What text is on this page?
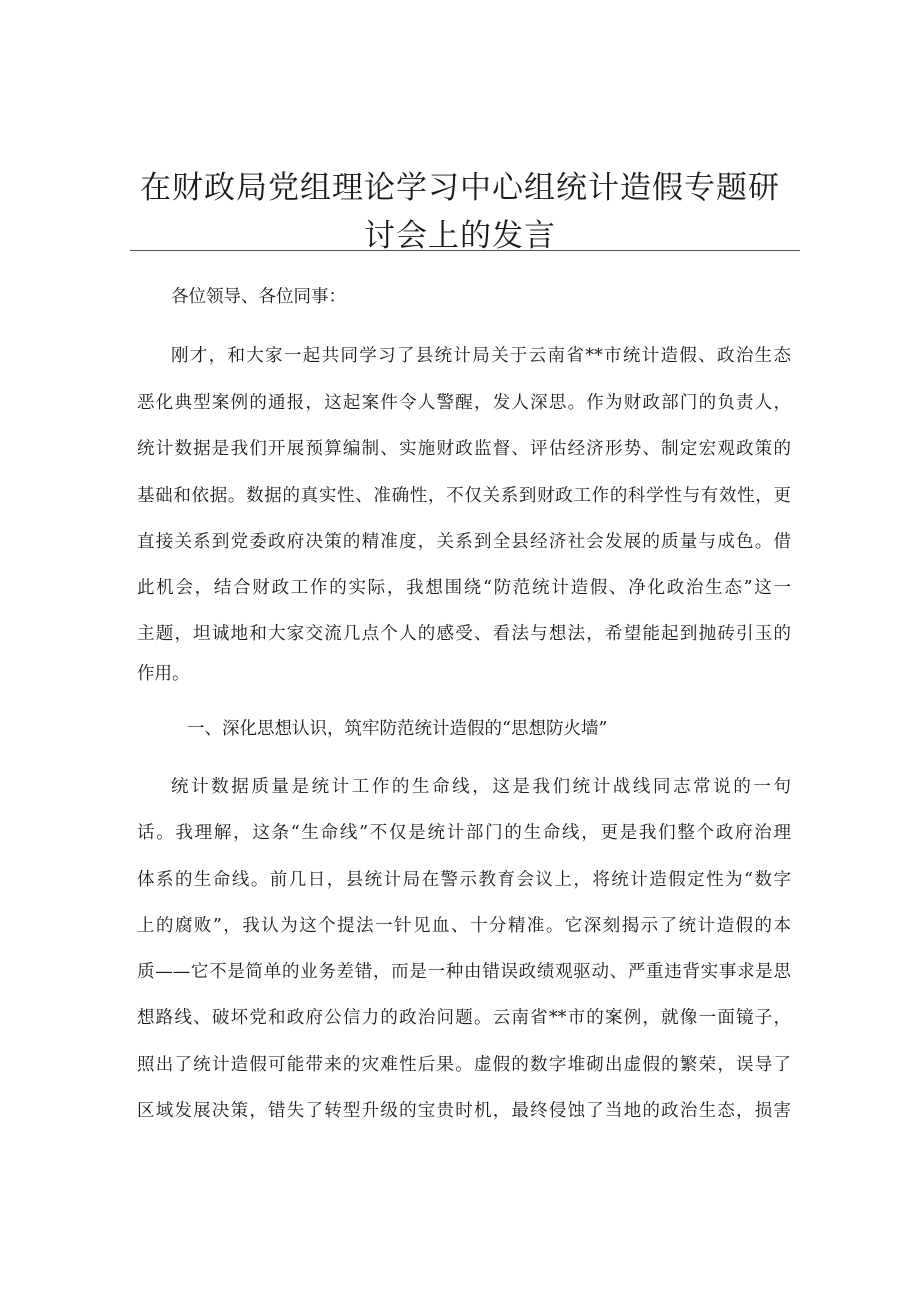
在财政局党组理论学习中心组统计造假专题研
讨会上的发言
各位领导、各位同事：
刚才，和大家一起共同学习了县统计局关于云南省**市统计造假、政治生态
恶化典型案例的通报，这起案件令人警醒，发人深思。作为财政部门的负责人，
统计数据是我们开展预算编制、实施财政监督、评估经济形势、制定宏观政策的
基础和依据。数据的真实性、准确性，不仅关系到财政工作的科学性与有效性，更
直接关系到党委政府决策的精准度，关系到全县经济社会发展的质量与成色。借
此机会，结合财政工作的实际，我想围绕“防范统计造假、净化政治生态”这一
主题，坦诚地和大家交流几点个人的感受、看法与想法，希望能起到抛砖引玉的
作用。
一、深化思想认识，筑牢防范统计造假的“思想防火墙”
统计数据质量是统计工作的生命线，这是我们统计战线同志常说的一句
话。我理解，这条“生命线”不仅是统计部门的生命线，更是我们整个政府治理
体系的生命线。前几日，县统计局在警示教育会议上，将统计造假定性为“数字
上的腐败”，我认为这个提法一针见血、十分精准。它深刻揭示了统计造假的本
质——它不是简单的业务差错，而是一种由错误政绩观驱动、严重违背实事求是思
想路线、破坏党和政府公信力的政治问题。云南省**市的案例，就像一面镜子，
照出了统计造假可能带来的灾难性后果。虚假的数字堆砌出虚假的繁荣，误导了
区域发展决策，错失了转型升级的宝贵时机，最终侵蚀了当地的政治生态，损害
